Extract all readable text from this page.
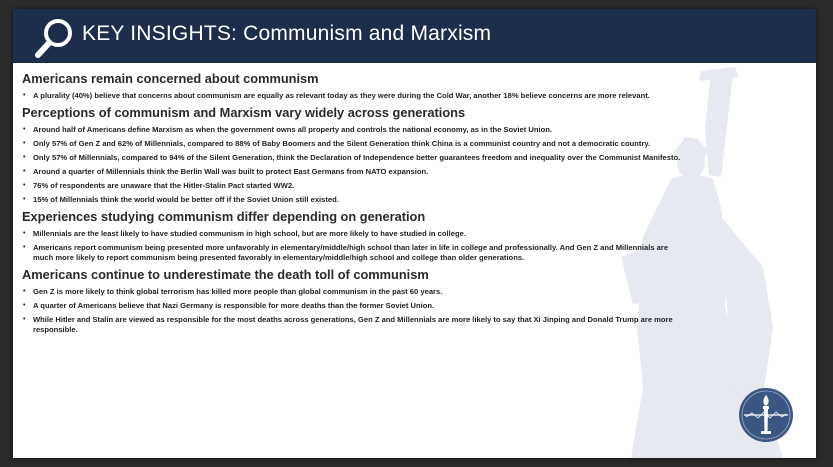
KEY INSIGHTS: Communism and Marxism
Americans remain concerned about communism
• A plurality (40%) believe that concerns about communism are equally as relevant today as they were during the Cold War, another 18% believe concerns are more relevant.
Perceptions of communism and Marxism vary widely across generations
• Around half of Americans define Marxism as when the government owns all property and controls the national economy, as in the Soviet Union.
• Only 57% of Gen Z and 62% of Millennials, compared to 88% of Baby Boomers and the Silent Generation think China is a communist country and not a democratic country.
• Only 57% of Millennials, compared to 94% of the Silent Generation, think the Declaration of Independence better guarantees freedom and inequality over the Communist Manifesto.
• Around a quarter of Millennials think the Berlin Wall was built to protect East Germans from NATO expansion.
• 76% of respondents are unaware that the Hitler-Stalin Pact started WW2.
• 15% of Millennials think the world would be better off if the Soviet Union still existed.
Experiences studying communism differ depending on generation
• Millennials are the least likely to have studied communism in high school, but are more likely to have studied in college.
• Americans report communism being presented more unfavorably in elementary/middle/high school than later in life in college and professionally. And Gen Z and Millennials are much more likely to report communism being presented favorably in elementary/middle/high school and college than older generations.
Americans continue to underestimate the death toll of communism
• Gen Z is more likely to think global terrorism has killed more people than global communism in the past 60 years.
• A quarter of Americans believe that Nazi Germany is responsible for more deaths than the former Soviet Union.
• While Hitler and Stalin are viewed as responsible for the most deaths across generations, Gen Z and Millennials are more likely to say that Xi Jinping and Donald Trump are more responsible.
